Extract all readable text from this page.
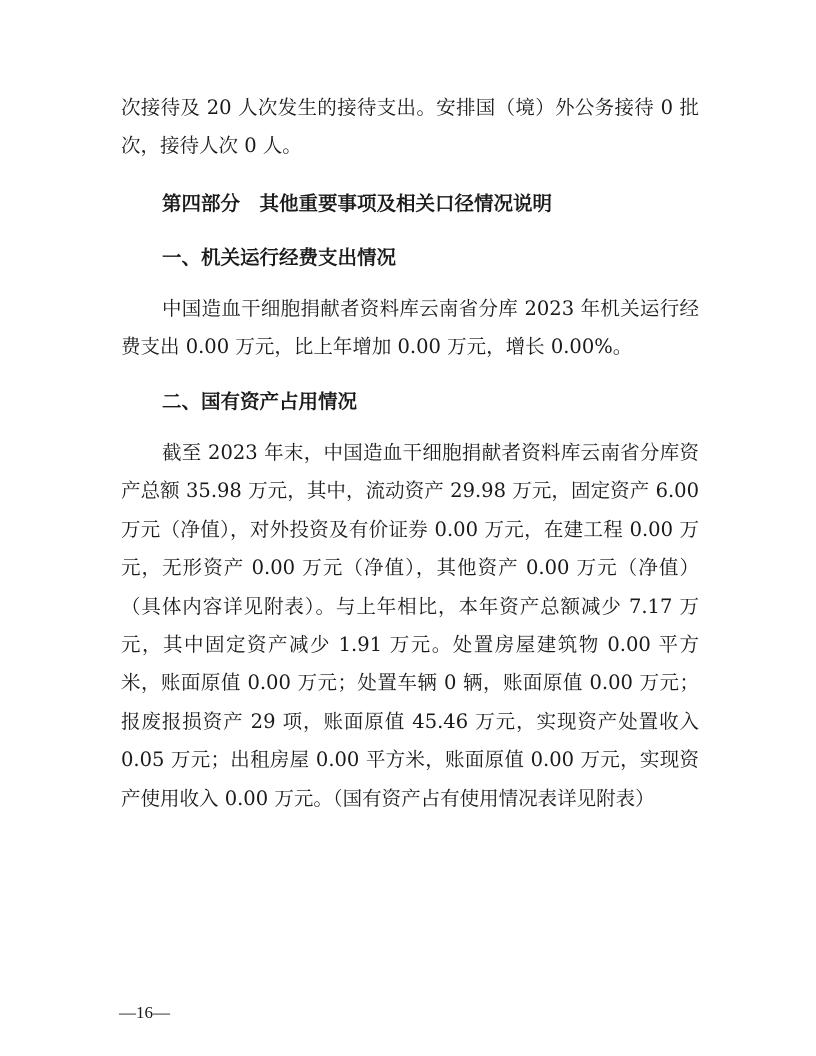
次接待及 20 人次发生的接待支出。安排国（境）外公务接待 0 批次，接待人次 0 人。

第四部分　其他重要事项及相关口径情况说明
一、机关运行经费支出情况

中国造血干细胞捐献者资料库云南省分库 2023 年机关运行经费支出 0.00 万元，比上年增加 0.00 万元，增长 0.00%。

二、国有资产占用情况

截至 2023 年末，中国造血干细胞捐献者资料库云南省分库资产总额 35.98 万元，其中，流动资产 29.98 万元，固定资产 6.00 万元（净值），对外投资及有价证券 0.00 万元，在建工程 0.00 万元，无形资产 0.00 万元（净值），其他资产 0.00 万元（净值）（具体内容详见附表）。与上年相比，本年资产总额减少 7.17 万元，其中固定资产减少 1.91 万元。处置房屋建筑物 0.00 平方米，账面原值 0.00 万元；处置车辆 0 辆，账面原值 0.00 万元；报废报损资产 29 项，账面原值 45.46 万元，实现资产处置收入 0.05 万元；出租房屋 0.00 平方米，账面原值 0.00 万元，实现资产使用收入 0.00 万元。（国有资产占有使用情况表详见附表）

—16—
